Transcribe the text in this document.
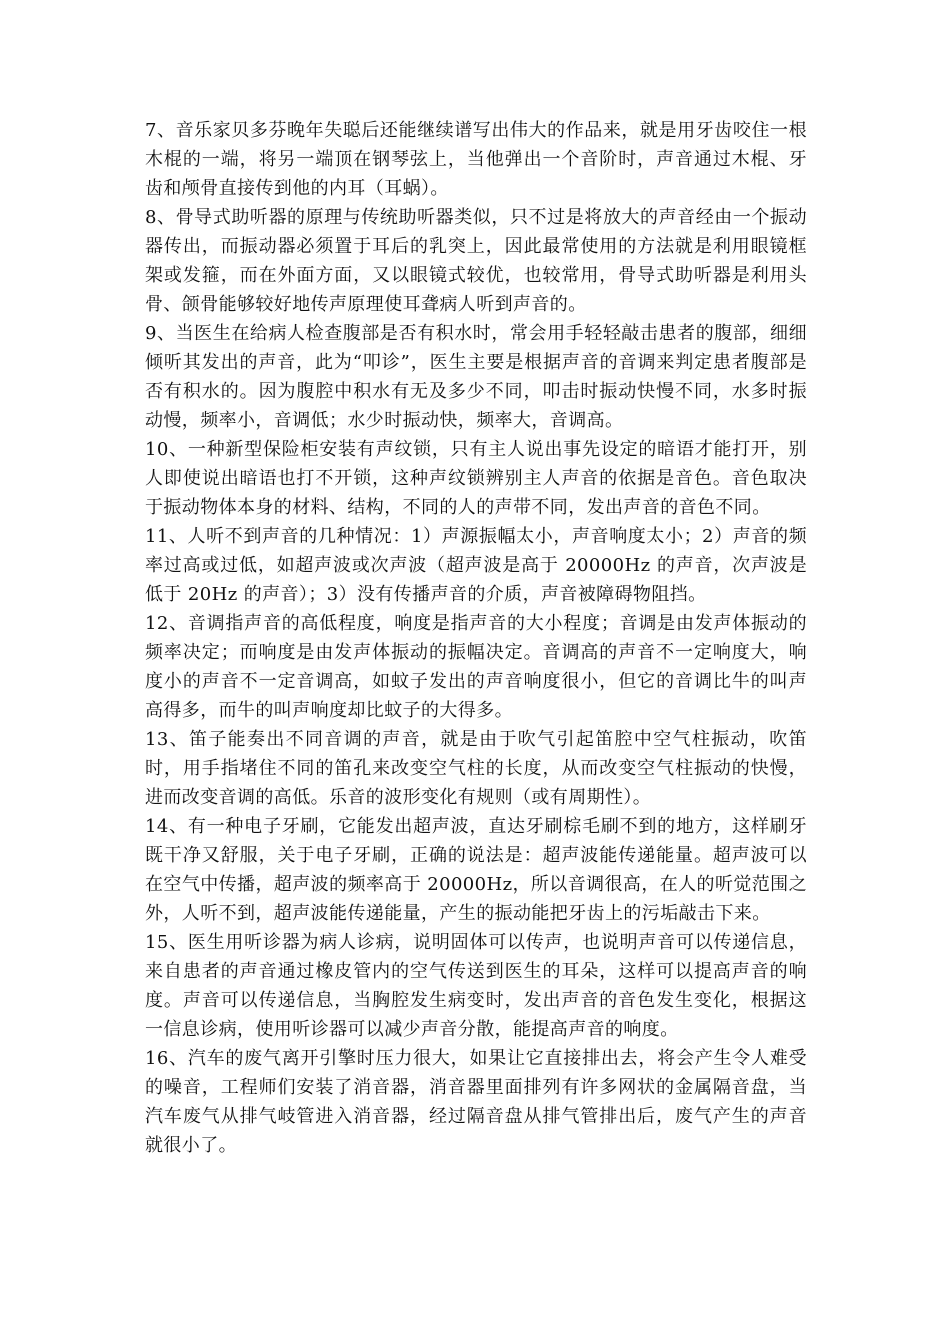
7、音乐家贝多芬晚年失聪后还能继续谱写出伟大的作品来，就是用牙齿咬住一根木棍的一端，将另一端顶在钢琴弦上，当他弹出一个音阶时，声音通过木棍、牙齿和颅骨直接传到他的内耳（耳蜗）。

8、骨导式助听器的原理与传统助听器类似，只不过是将放大的声音经由一个振动器传出，而振动器必须置于耳后的乳突上，因此最常使用的方法就是利用眼镜框架或发箍，而在外面方面，又以眼镜式较优，也较常用，骨导式助听器是利用头骨、颌骨能够较好地传声原理使耳聋病人听到声音的。

9、当医生在给病人检查腹部是否有积水时，常会用手轻轻敲击患者的腹部，细细倾听其发出的声音，此为“叩诊”，医生主要是根据声音的音调来判定患者腹部是否有积水的。因为腹腔中积水有无及多少不同，叩击时振动快慢不同，水多时振动慢，频率小，音调低；水少时振动快，频率大，音调高。

10、一种新型保险柜安装有声纹锁，只有主人说出事先设定的暗语才能打开，别人即使说出暗语也打不开锁，这种声纹锁辨别主人声音的依据是音色。音色取决于振动物体本身的材料、结构，不同的人的声带不同，发出声音的音色不同。

11、人听不到声音的几种情况：1）声源振幅太小，声音响度太小；2）声音的频率过高或过低，如超声波或次声波（超声波是高于 20000Hz 的声音，次声波是低于 20Hz 的声音）；3）没有传播声音的介质，声音被障碍物阻挡。

12、音调指声音的高低程度，响度是指声音的大小程度；音调是由发声体振动的频率决定；而响度是由发声体振动的振幅决定。音调高的声音不一定响度大，响度小的声音不一定音调高，如蚊子发出的声音响度很小，但它的音调比牛的叫声高得多，而牛的叫声响度却比蚊子的大得多。

13、笛子能奏出不同音调的声音，就是由于吹气引起笛腔中空气柱振动，吹笛时，用手指堵住不同的笛孔来改变空气柱的长度，从而改变空气柱振动的快慢，进而改变音调的高低。乐音的波形变化有规则（或有周期性）。

14、有一种电子牙刷，它能发出超声波，直达牙刷棕毛刷不到的地方，这样刷牙既干净又舒服，关于电子牙刷，正确的说法是：超声波能传递能量。超声波可以在空气中传播，超声波的频率高于 20000Hz，所以音调很高，在人的听觉范围之外，人听不到，超声波能传递能量，产生的振动能把牙齿上的污垢敲击下来。

15、医生用听诊器为病人诊病，说明固体可以传声，也说明声音可以传递信息，来自患者的声音通过橡皮管内的空气传送到医生的耳朵，这样可以提高声音的响度。声音可以传递信息，当胸腔发生病变时，发出声音的音色发生变化，根据这一信息诊病，使用听诊器可以减少声音分散，能提高声音的响度。

16、汽车的废气离开引擎时压力很大，如果让它直接排出去，将会产生令人难受的噪音，工程师们安装了消音器，消音器里面排列有许多网状的金属隔音盘，当汽车废气从排气岐管进入消音器，经过隔音盘从排气管排出后，废气产生的声音就很小了。
